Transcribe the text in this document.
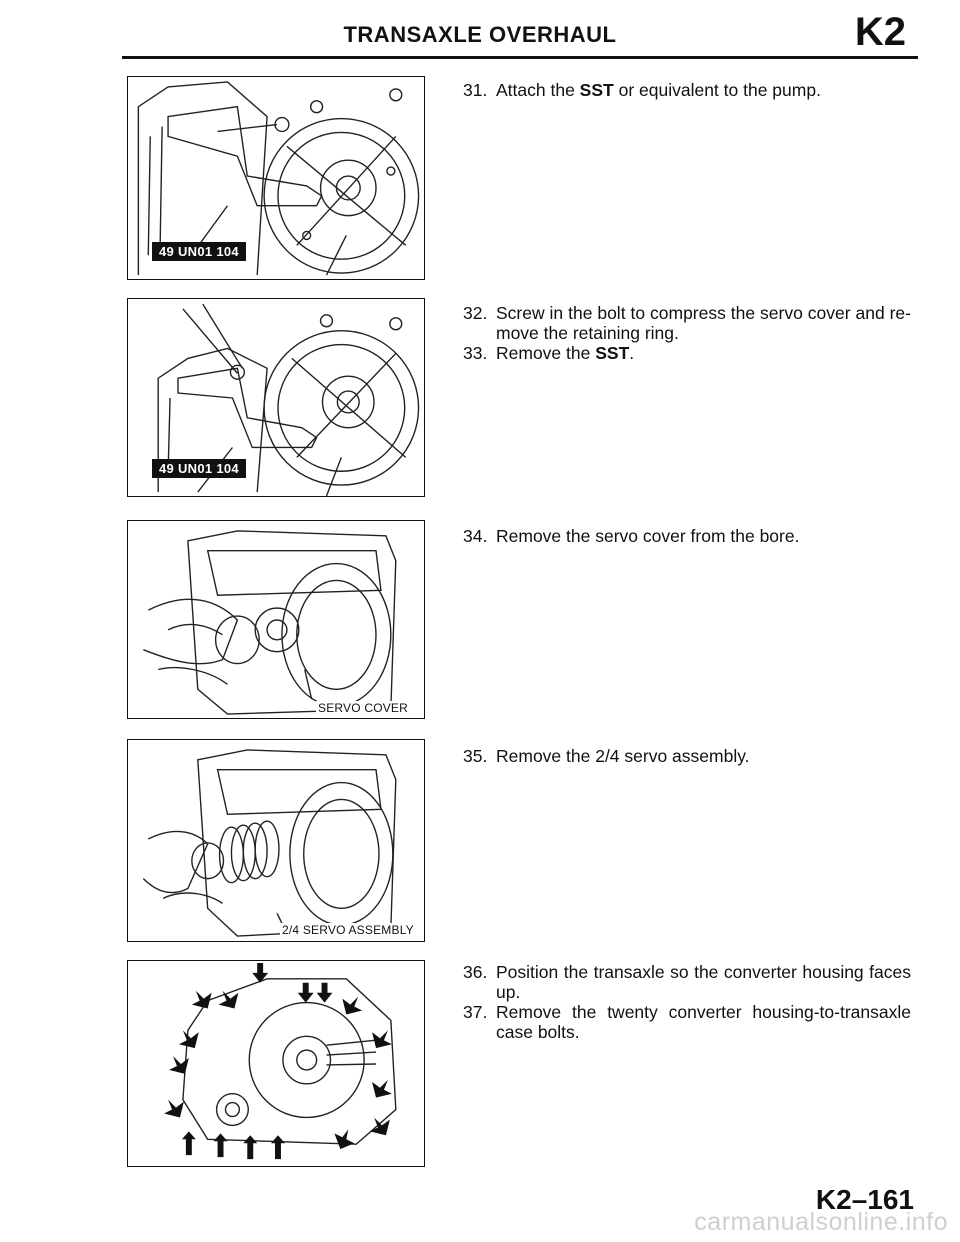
TRANSAXLE OVERHAUL	K2
49 UN01 104
49 UN01 104
SERVO COVER
2/4 SERVO ASSEMBLY

31. Attach the SST or equivalent to the pump.

32. Screw in the bolt to compress the servo cover and re-move the retaining ring.

33. Remove the SST.

34. Remove the servo cover from the bore.

35. Remove the 2/4 servo assembly.

36. Position the transaxle so the converter housing faces up.

37. Remove the twenty converter housing-to-transaxle case bolts.

K2–161
carmanualsonline.info
